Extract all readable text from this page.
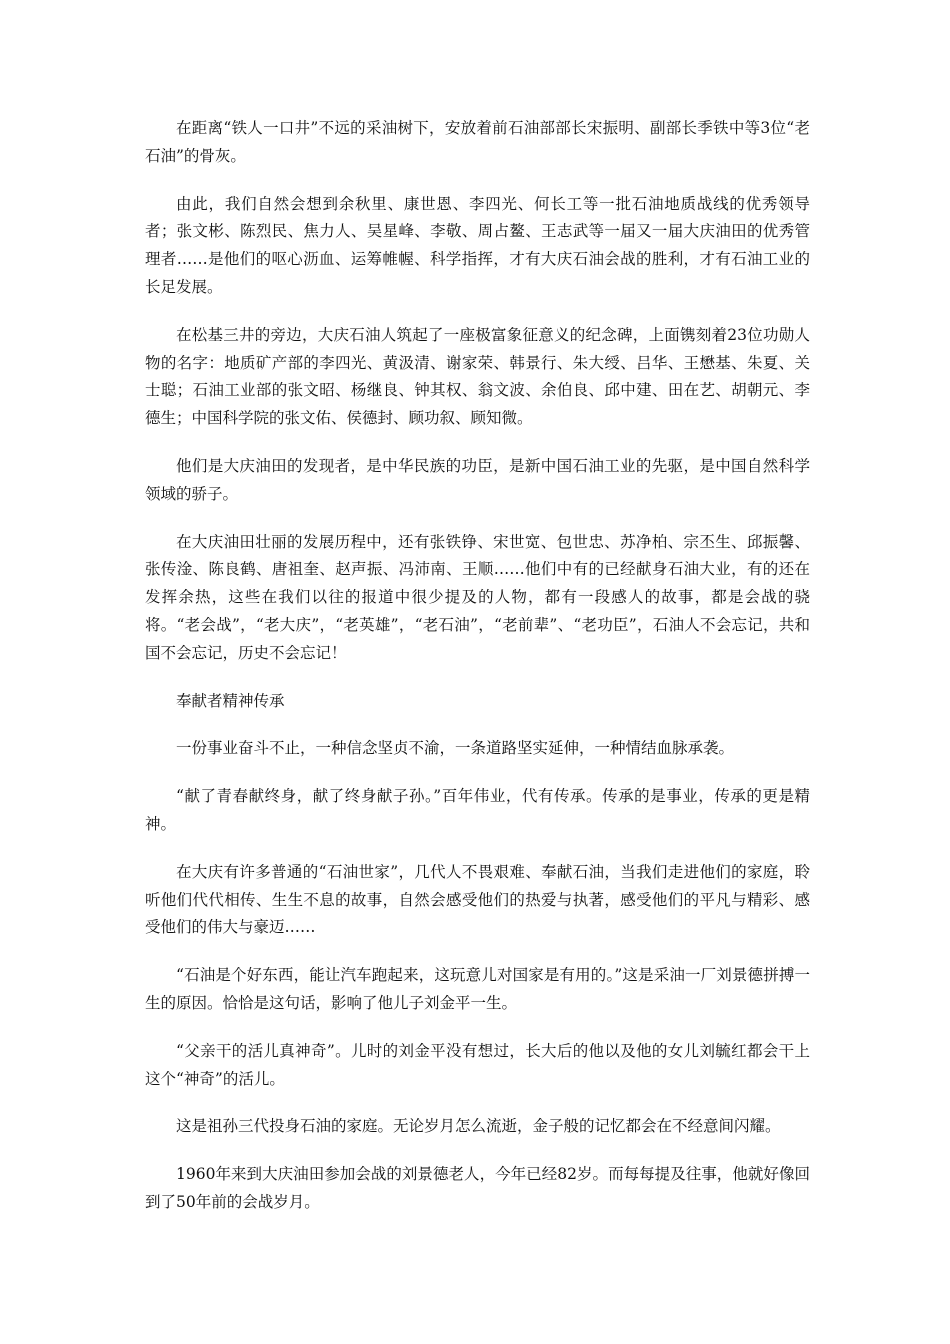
在距离“铁人一口井”不远的采油树下，安放着前石油部部长宋振明、副部长季铁中等3位“老石油”的骨灰。

由此，我们自然会想到余秋里、康世恩、李四光、何长工等一批石油地质战线的优秀领导者；张文彬、陈烈民、焦力人、吴星峰、李敬、周占鳌、王志武等一届又一届大庆油田的优秀管理者……是他们的呕心沥血、运筹帷幄、科学指挥，才有大庆石油会战的胜利，才有石油工业的长足发展。

在松基三井的旁边，大庆石油人筑起了一座极富象征意义的纪念碑，上面镌刻着23位功勋人物的名字：地质矿产部的李四光、黄汲清、谢家荣、韩景行、朱大绶、吕华、王懋基、朱夏、关士聪；石油工业部的张文昭、杨继良、钟其权、翁文波、余伯良、邱中建、田在艺、胡朝元、李德生；中国科学院的张文佑、侯德封、顾功叙、顾知微。

他们是大庆油田的发现者，是中华民族的功臣，是新中国石油工业的先驱，是中国自然科学领域的骄子。

在大庆油田壮丽的发展历程中，还有张铁铮、宋世宽、包世忠、苏净柏、宗丕生、邱振馨、张传淦、陈良鹤、唐祖奎、赵声振、冯沛南、王顺……他们中有的已经献身石油大业，有的还在发挥余热，这些在我们以往的报道中很少提及的人物，都有一段感人的故事，都是会战的骁将。“老会战”，“老大庆”，“老英雄”，“老石油”，“老前辈”、“老功臣”，石油人不会忘记，共和国不会忘记，历史不会忘记！

奉献者精神传承

一份事业奋斗不止，一种信念坚贞不渝，一条道路坚实延伸，一种情结血脉承袭。

“献了青春献终身，献了终身献子孙。”百年伟业，代有传承。传承的是事业，传承的更是精神。

在大庆有许多普通的“石油世家”，几代人不畏艰难、奉献石油，当我们走进他们的家庭，聆听他们代代相传、生生不息的故事，自然会感受他们的热爱与执著，感受他们的平凡与精彩、感受他们的伟大与豪迈……

“石油是个好东西，能让汽车跑起来，这玩意儿对国家是有用的。”这是采油一厂刘景德拼搏一生的原因。恰恰是这句话，影响了他儿子刘金平一生。

“父亲干的活儿真神奇”。儿时的刘金平没有想过，长大后的他以及他的女儿刘毓红都会干上这个“神奇”的活儿。

这是祖孙三代投身石油的家庭。无论岁月怎么流逝，金子般的记忆都会在不经意间闪耀。

1960年来到大庆油田参加会战的刘景德老人，今年已经82岁。而每每提及往事，他就好像回到了50年前的会战岁月。
